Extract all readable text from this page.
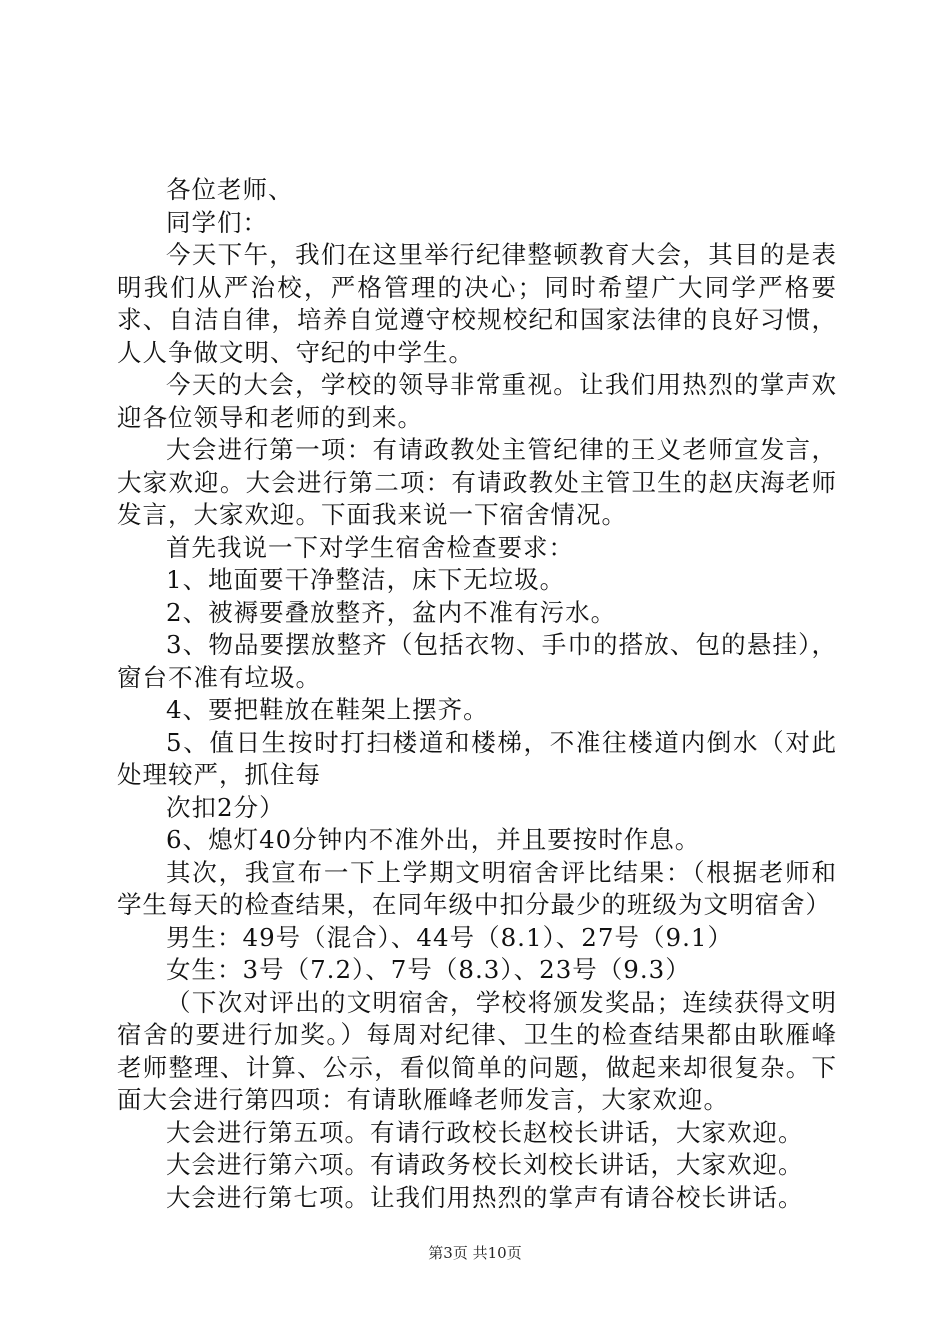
各位老师、

同学们：

今天下午，我们在这里举行纪律整顿教育大会，其目的是表明我们从严治校，严格管理的决心；同时希望广大同学严格要求、自洁自律，培养自觉遵守校规校纪和国家法律的良好习惯，人人争做文明、守纪的中学生。

今天的大会，学校的领导非常重视。让我们用热烈的掌声欢迎各位领导和老师的到来。

大会进行第一项：有请政教处主管纪律的王义老师宣发言，大家欢迎。大会进行第二项：有请政教处主管卫生的赵庆海老师发言，大家欢迎。下面我来说一下宿舍情况。

首先我说一下对学生宿舍检查要求：

1、地面要干净整洁，床下无垃圾。

2、被褥要叠放整齐，盆内不准有污水。

3、物品要摆放整齐（包括衣物、手巾的搭放、包的悬挂），窗台不准有垃圾。

4、要把鞋放在鞋架上摆齐。

5、值日生按时打扫楼道和楼梯，不准往楼道内倒水（对此处理较严，抓住每

次扣2分）

6、熄灯40分钟内不准外出，并且要按时作息。

其次，我宣布一下上学期文明宿舍评比结果：（根据老师和学生每天的检查结果，在同年级中扣分最少的班级为文明宿舍）

男生：49号（混合）、44号（8.1）、27号（9.1）

女生：3号（7.2）、7号（8.3）、23号（9.3）

（下次对评出的文明宿舍，学校将颁发奖品；连续获得文明宿舍的要进行加奖。）每周对纪律、卫生的检查结果都由耿雁峰老师整理、计算、公示，看似简单的问题，做起来却很复杂。下面大会进行第四项：有请耿雁峰老师发言，大家欢迎。

大会进行第五项。有请行政校长赵校长讲话，大家欢迎。

大会进行第六项。有请政务校长刘校长讲话，大家欢迎。

大会进行第七项。让我们用热烈的掌声有请谷校长讲话。

第3页 共10页
